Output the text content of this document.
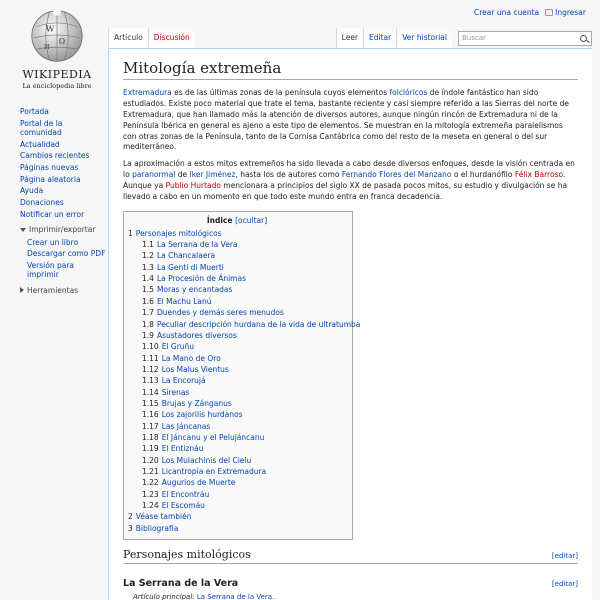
Crear una cuenta	Ingresar
W
Ω
И
WIKIPEDIA
La enciclopedia libre
Portada
Portal de la comunidad
Actualidad
Cambios recientes
Páginas nuevas
Página aleatoria
Ayuda
Donaciones
Notificar un error
Imprimir/exportar
Crear un libro
Descargar como PDF
Versión para imprimir
Herramientas
Artículo	Discusión	Leer	Editar	Ver historial	Buscar
Mitología extremeña

Extremadura es de las últimas zonas de la península cuyos elementos folclóricos de índole fantástico han sido estudiados. Existe poco material que trate el tema, bastante reciente y casi siempre referido a las Sierras del norte de Extremadura, que han llamado más la atención de diversos autores, aunque ningún rincón de Extremadura ni de la Península Ibérica en general es ajeno a este tipo de elementos. Se muestran en la mitología extremeña paralelismos con otras zonas de la Península, tanto de la Cornisa Cantábrica como del resto de la meseta en general o del sur mediterráneo.

La aproximación a estos mitos extremeños ha sido llevada a cabo desde diversos enfoques, desde la visión centrada en lo paranormal de Iker Jiménez, hasta los de autores como Fernando Flores del Manzano o el hurdanófilo Félix Barroso. Aunque ya Publio Hurtado mencionara a principios del siglo XX de pasada pocos mitos, su estudio y divulgación se ha llevado a cabo en un momento en que todo este mundo entra en franca decadencia.

Índice [ocultar]
1 Personajes mitológicos
1.1 La Serrana de la Vera
1.2 La Chancalaera
1.3 La Genti di Muerti
1.4 La Procesión de Ánimas
1.5 Moras y encantadas
1.6 El Machu Lanú
1.7 Duendes y demás seres menudos
1.8 Peculiar descripción hurdana de la vida de ultratumba
1.9 Asustadores diversos
1.10 El Gruñu
1.11 La Mano de Oro
1.12 Los Malus Vientus
1.13 La Encorujá
1.14 Sirenas
1.15 Brujas y Zánganus
1.16 Los zajorilis hurdanos
1.17 Las Jáncanas
1.18 El Jáncanu y el Pelujáncanu
1.19 El Entiznáu
1.20 Los Mulachinis del Cielu
1.21 Licantropía en Extremadura
1.22 Augurios de Muerte
1.23 El Encontráu
1.24 El Escomáu
2 Véase también
3 Bibliografía
Personajes mitológicos	[editar]
La Serrana de la Vera	[editar]
Artículo principal: La Serrana de la Vera.
